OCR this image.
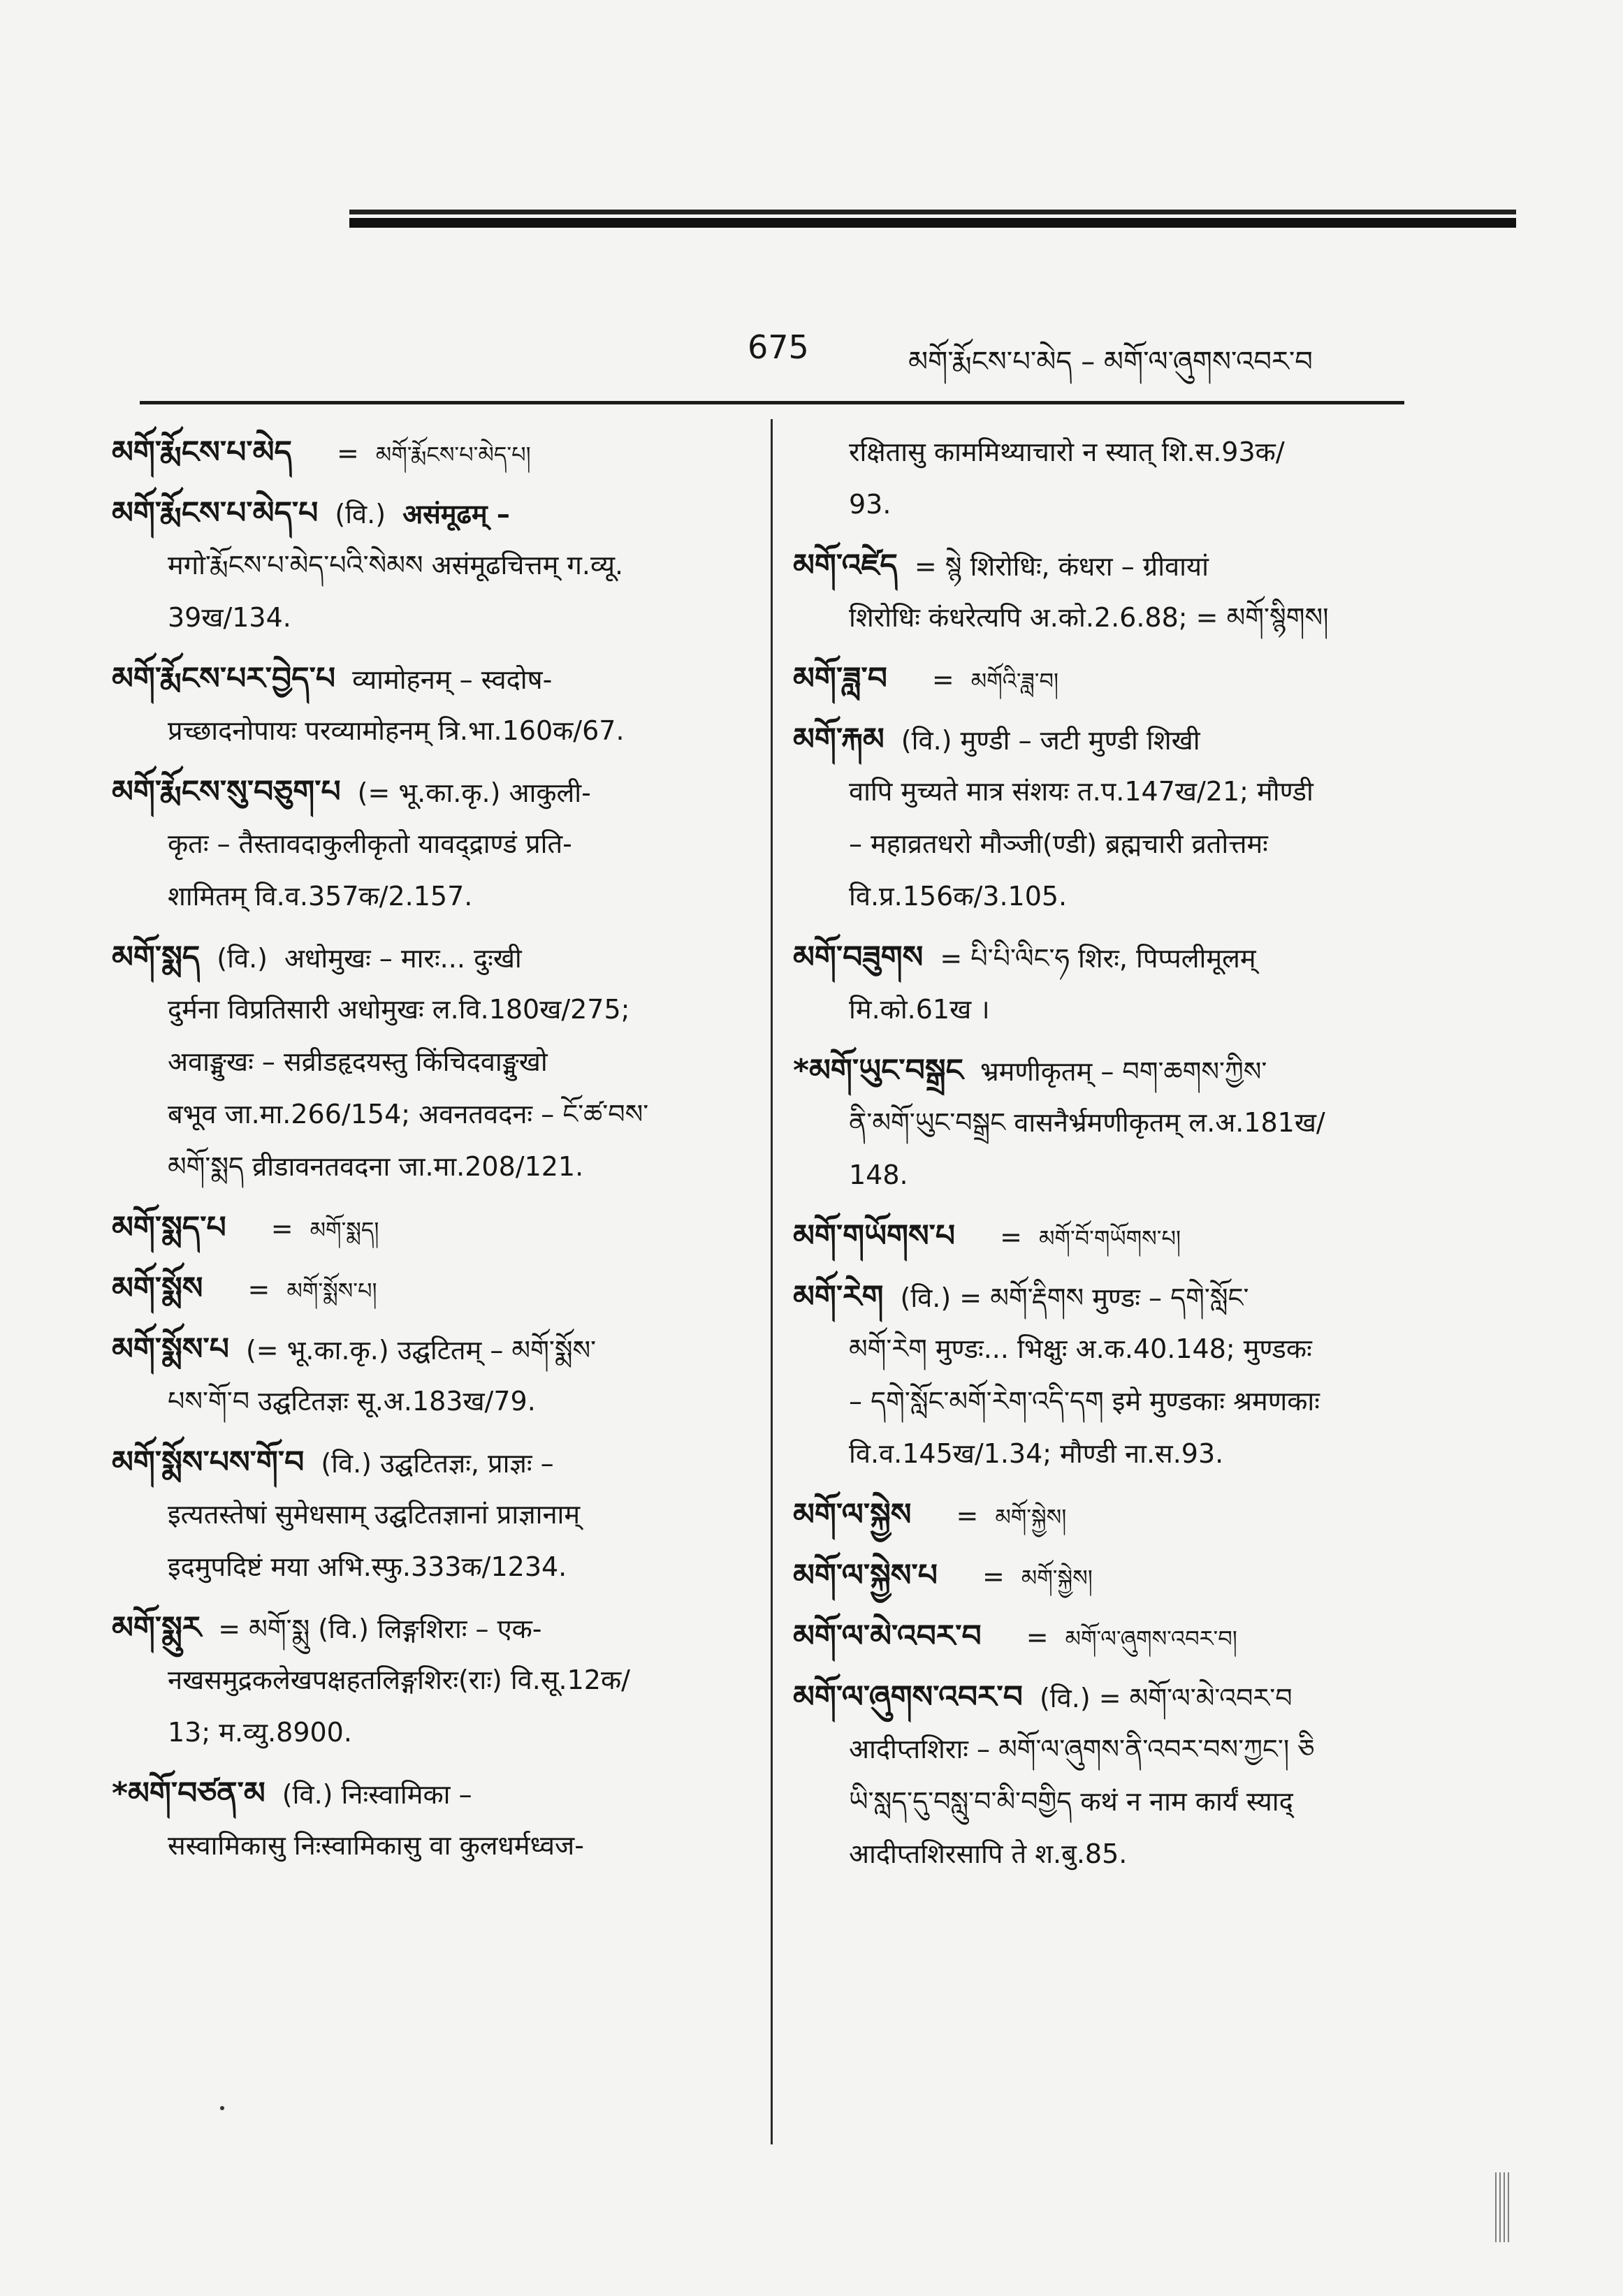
675	མགོ་རྨོངས་པ་མེད – མགོ་ལ་ཞུགས་འབར་བ
མགོ་རྨོངས་པ་མེད = མགོ་རྨོངས་པ་མེད་པ།
མགོ་རྨོངས་པ་མེད་པ (वि.) असंमूढम् –
मगो་རྨོངས་པ་མེད་པའི་སེམས असंमूढचित्तम् ग.व्यू.
39ख/134.
མགོ་རྨོངས་པར་བྱེད་པ व्यामोहनम् – स्वदोष-
प्रच्छादनोपायः परव्यामोहनम् त्रि.भा.160क/67.
མགོ་རྨོངས་སུ་བཅུག་པ (= भू.का.कृ.) आकुली-
कृतः – तैस्तावदाकुलीकृतो यावद्द्राण्डं प्रति-
शामितम् वि.व.357क/2.157.
མགོ་སྨད (वि.) अधोमुखः – मारः... दुःखी
दुर्मना विप्रतिसारी अधोमुखः ल.वि.180ख/275;
अवाङ्मुखः – सव्रीडहृदयस्तु किंचिदवाङ्मुखो
बभूव जा.मा.266/154; अवनतवदनः – ངོ་ཚ་བས་
མགོ་སྨད व्रीडावनतवदना जा.मा.208/121.
མགོ་སྨད་པ = མགོ་སྨད།
མགོ་སྨོས = མགོ་སྨོས་པ།
མགོ་སྨོས་པ (= भू.का.कृ.) उद्घटितम् – མགོ་སྨོས་
པས་གོ་བ उद्घटितज्ञः सू.अ.183ख/79.
མགོ་སྨོས་པས་གོ་བ (वि.) उद्घटितज्ञः, प्राज्ञः –
इत्यतस्तेषां सुमेधसाम् उद्घटितज्ञानां प्राज्ञानाम्
इदमुपदिष्टं मया अभि.स्फु.333क/1234.
མགོ་སྨུར = མགོ་སྨུ (वि.) लिङ्गशिराः – एक-
नखसमुद्रकलेखपक्षहतलिङ्गशिरः(राः) वि.सू.12क/
13; म.व्यु.8900.
*མགོ་བཙན་མ (वि.) निःस्वामिका –
सस्वामिकासु निःस्वामिकासु वा कुलधर्मध्वज-
रक्षितासु काममिथ्याचारो न स्यात् शि.स.93क/
93.
མགོ་འཛེད = སྙེ शिरोधिः, कंधरा – ग्रीवायां
शिरोधिः कंधरेत्यपि अ.को.2.6.88; = མགོ་སྙིགས།
མགོ་ཟླ་བ = མགོའི་ཟླ་བ།
མགོ་རྐམ (वि.) मुण्डी – जटी मुण्डी शिखी
वापि मुच्यते मात्र संशयः त.प.147ख/21; मौण्डी
– महाव्रतधरो मौञ्जी(ण्डी) ब्रह्मचारी व्रतोत्तमः
वि.प्र.156क/3.105.
མགོ་བཟུགས = པི་པི་ལིང་ཧ शिरः, पिप्पलीमूलम्
मि.को.61ख ।
*མགོ་ཡུང་བསྒྲང भ्रमणीकृतम् – བག་ཆགས་ཀྱིས་
ནི་མགོ་ཡུང་བསྒྲང वासनैर्भ्रमणीकृतम् ल.अ.181ख/
148.
མགོ་གཡོགས་པ = མགོ་བོ་གཡོགས་པ།
མགོ་རེག (वि.) = མགོ་རྡིགས मुण्डः – དགེ་སློང་
མགོ་རེག मुण्डः... भिक्षुः अ.क.40.148; मुण्डकः
– དགེ་སློང་མགོ་རེག་འདི་དག इमे मुण्डकाः श्रमणकाः
वि.व.145ख/1.34; मौण्डी ना.स.93.
མགོ་ལ་སྐྱེས = མགོ་སྐྱེས།
མགོ་ལ་སྐྱེས་པ = མགོ་སྐྱེས།
མགོ་ལ་མེ་འབར་བ = མགོ་ལ་ཞུགས་འབར་བ།
མགོ་ལ་ཞུགས་འབར་བ (वि.) = མགོ་ལ་མེ་འབར་བ
आदीप्तशिराः – མགོ་ལ་ཞུགས་ནི་འབར་བས་ཀྱང་། ཅི
ཡི་སླད་དུ་བསླུ་བ་མི་བགྱིད कथं न नाम कार्यं स्याद्
आदीप्तशिरसापि ते श.बु.85.
